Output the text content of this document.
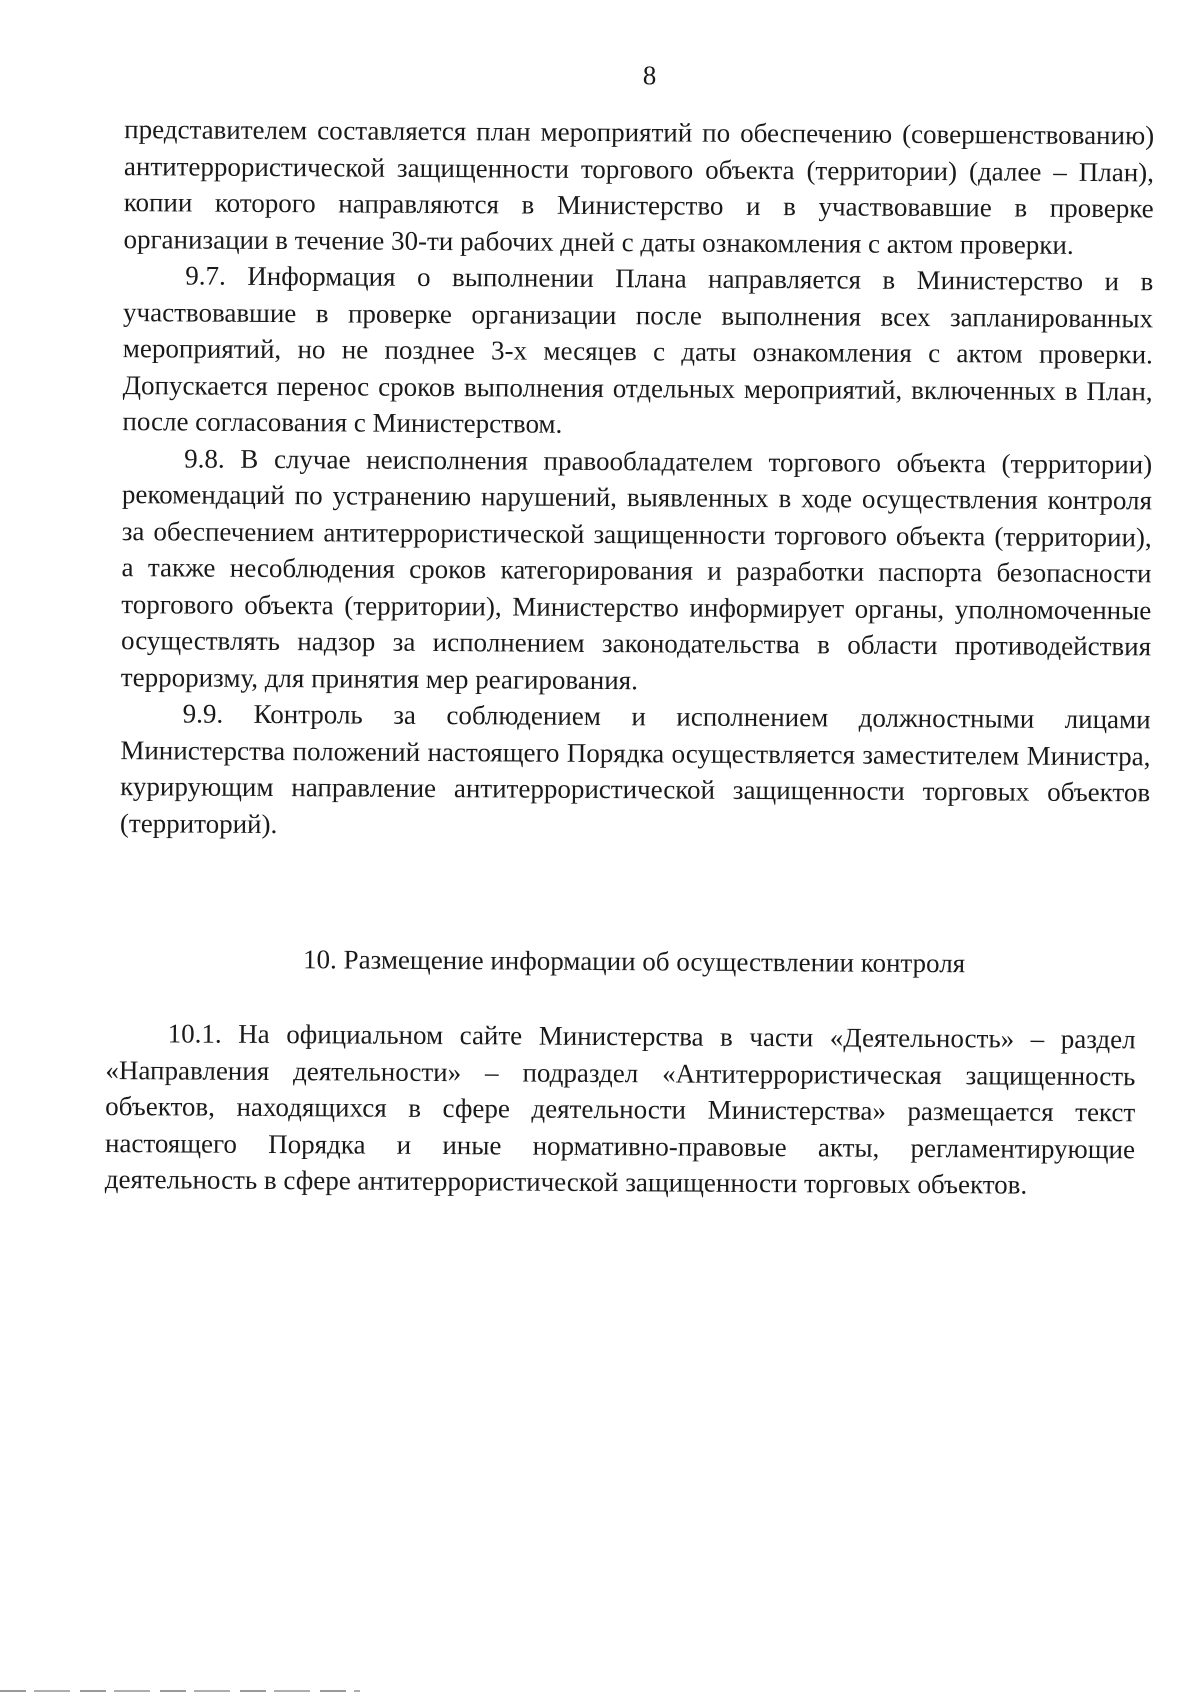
8

представителем составляется план мероприятий по обеспечению (совершенствованию) антитеррористической защищенности торгового объекта (территории) (далее – План), копии которого направляются в Министерство и в участвовавшие в проверке организации в течение 30-ти рабочих дней с даты ознакомления с актом проверки.

9.7. Информация о выполнении Плана направляется в Министерство и в участвовавшие в проверке организации после выполнения всех запланированных мероприятий, но не позднее 3-х месяцев с даты ознакомления с актом проверки. Допускается перенос сроков выполнения отдельных мероприятий, включенных в План, после согласования с Министерством.

9.8. В случае неисполнения правообладателем торгового объекта (территории) рекомендаций по устранению нарушений, выявленных в ходе осуществления контроля за обеспечением антитеррористической защищенности торгового объекта (территории), а также несоблюдения сроков категорирования и разработки паспорта безопасности торгового объекта (территории), Министерство информирует органы, уполномоченные осуществлять надзор за исполнением законодательства в области противодействия терроризму, для принятия мер реагирования.

9.9. Контроль за соблюдением и исполнением должностными лицами Министерства положений настоящего Порядка осуществляется заместителем Министра, курирующим направление антитеррористической защищенности торговых объектов (территорий).

10. Размещение информации об осуществлении контроля

10.1. На официальном сайте Министерства в части «Деятельность» – раздел «Направления деятельности» – подраздел «Антитеррористическая защищенность объектов, находящихся в сфере деятельности Министерства» размещается текст настоящего Порядка и иные нормативно-правовые акты, регламентирующие деятельность в сфере антитеррористической защищенности торговых объектов.
